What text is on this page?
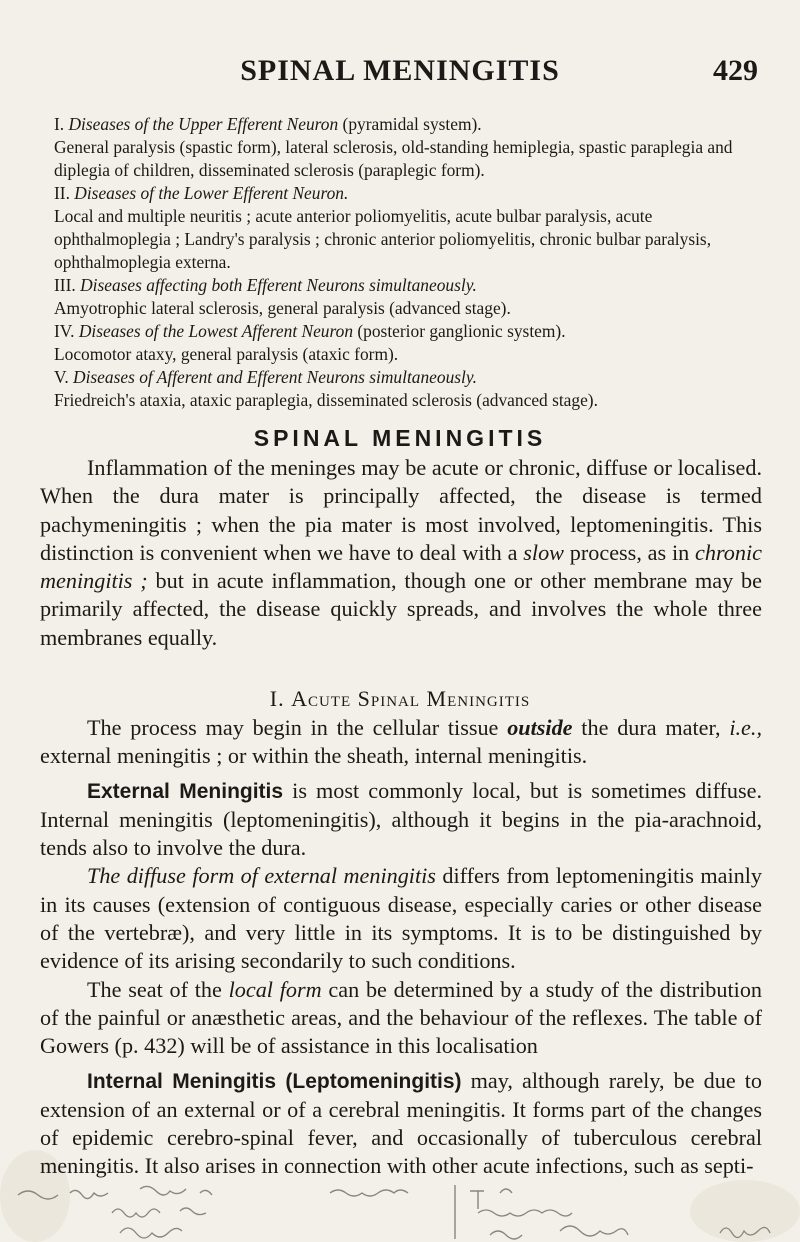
SPINAL MENINGITIS	429

I. Diseases of the Upper Efferent Neuron (pyramidal system).

General paralysis (spastic form), lateral sclerosis, old-standing hemiplegia, spastic paraplegia and diplegia of children, disseminated sclerosis (paraplegic form).

II. Diseases of the Lower Efferent Neuron.

Local and multiple neuritis ; acute anterior poliomyelitis, acute bulbar paralysis, acute ophthalmoplegia ; Landry's paralysis ; chronic anterior poliomyelitis, chronic bulbar paralysis, ophthalmoplegia externa.

III. Diseases affecting both Efferent Neurons simultaneously.

Amyotrophic lateral sclerosis, general paralysis (advanced stage).

IV. Diseases of the Lowest Afferent Neuron (posterior ganglionic system).

Locomotor ataxy, general paralysis (ataxic form).

V. Diseases of Afferent and Efferent Neurons simultaneously.

Friedreich's ataxia, ataxic paraplegia, disseminated sclerosis (advanced stage).

SPINAL MENINGITIS

Inflammation of the meninges may be acute or chronic, diffuse or localised. When the dura mater is principally affected, the disease is termed pachymeningitis ; when the pia mater is most involved, leptomeningitis. This distinction is convenient when we have to deal with a slow process, as in chronic meningitis ; but in acute inflammation, though one or other membrane may be primarily affected, the disease quickly spreads, and involves the whole three membranes equally.

I. Acute Spinal Meningitis

The process may begin in the cellular tissue outside the dura mater, i.e., external meningitis ; or within the sheath, internal meningitis.

External Meningitis is most commonly local, but is sometimes diffuse. Internal meningitis (leptomeningitis), although it begins in the pia-arachnoid, tends also to involve the dura.

The diffuse form of external meningitis differs from leptomeningitis mainly in its causes (extension of contiguous disease, especially caries or other disease of the vertebræ), and very little in its symptoms. It is to be distinguished by evidence of its arising secondarily to such conditions.

The seat of the local form can be determined by a study of the distribution of the painful or anæsthetic areas, and the behaviour of the reflexes. The table of Gowers (p. 432) will be of assistance in this localisation

Internal Meningitis (Leptomeningitis) may, although rarely, be due to extension of an external or of a cerebral meningitis. It forms part of the changes of epidemic cerebro-spinal fever, and occasionally of tuberculous cerebral meningitis. It also arises in connection with other acute infections, such as septi-
